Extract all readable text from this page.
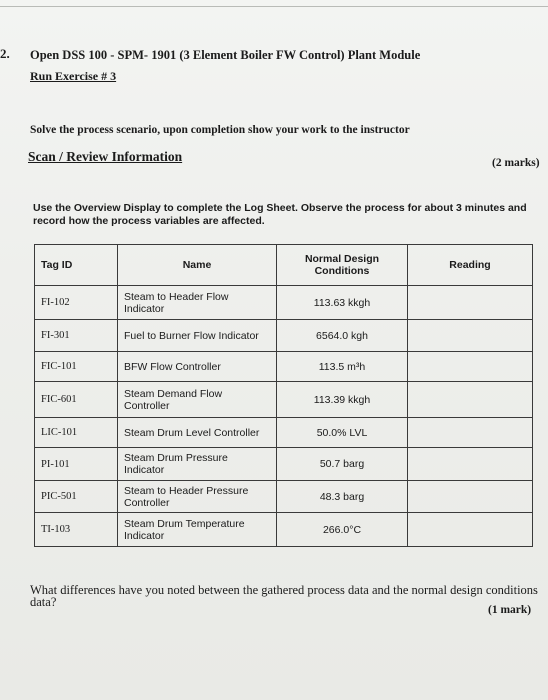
2. Open DSS 100 - SPM- 1901 (3 Element Boiler FW Control) Plant Module
Run Exercise # 3
Solve the process scenario, upon completion show your work to the instructor
Scan / Review Information	(2 marks)
Use the Overview Display to complete the Log Sheet. Observe the process for about 3 minutes and record how the process variables are affected.
Tag ID	Name	Normal Design Conditions	Reading
FI-102	Steam to Header Flow Indicator	113.63 kkgh	
FI-301	Fuel to Burner Flow Indicator	6564.0 kgh	
FIC-101	BFW Flow Controller	113.5 m³h	
FIC-601	Steam Demand Flow Controller	113.39 kkgh	
LIC-101	Steam Drum Level Controller	50.0% LVL	
PI-101	Steam Drum Pressure Indicator	50.7 barg	
PIC-501	Steam to Header Pressure Controller	48.3 barg	
TI-103	Steam Drum Temperature Indicator	266.0°C	
What differences have you noted between the gathered process data and the normal design conditions data?
(1 mark)
